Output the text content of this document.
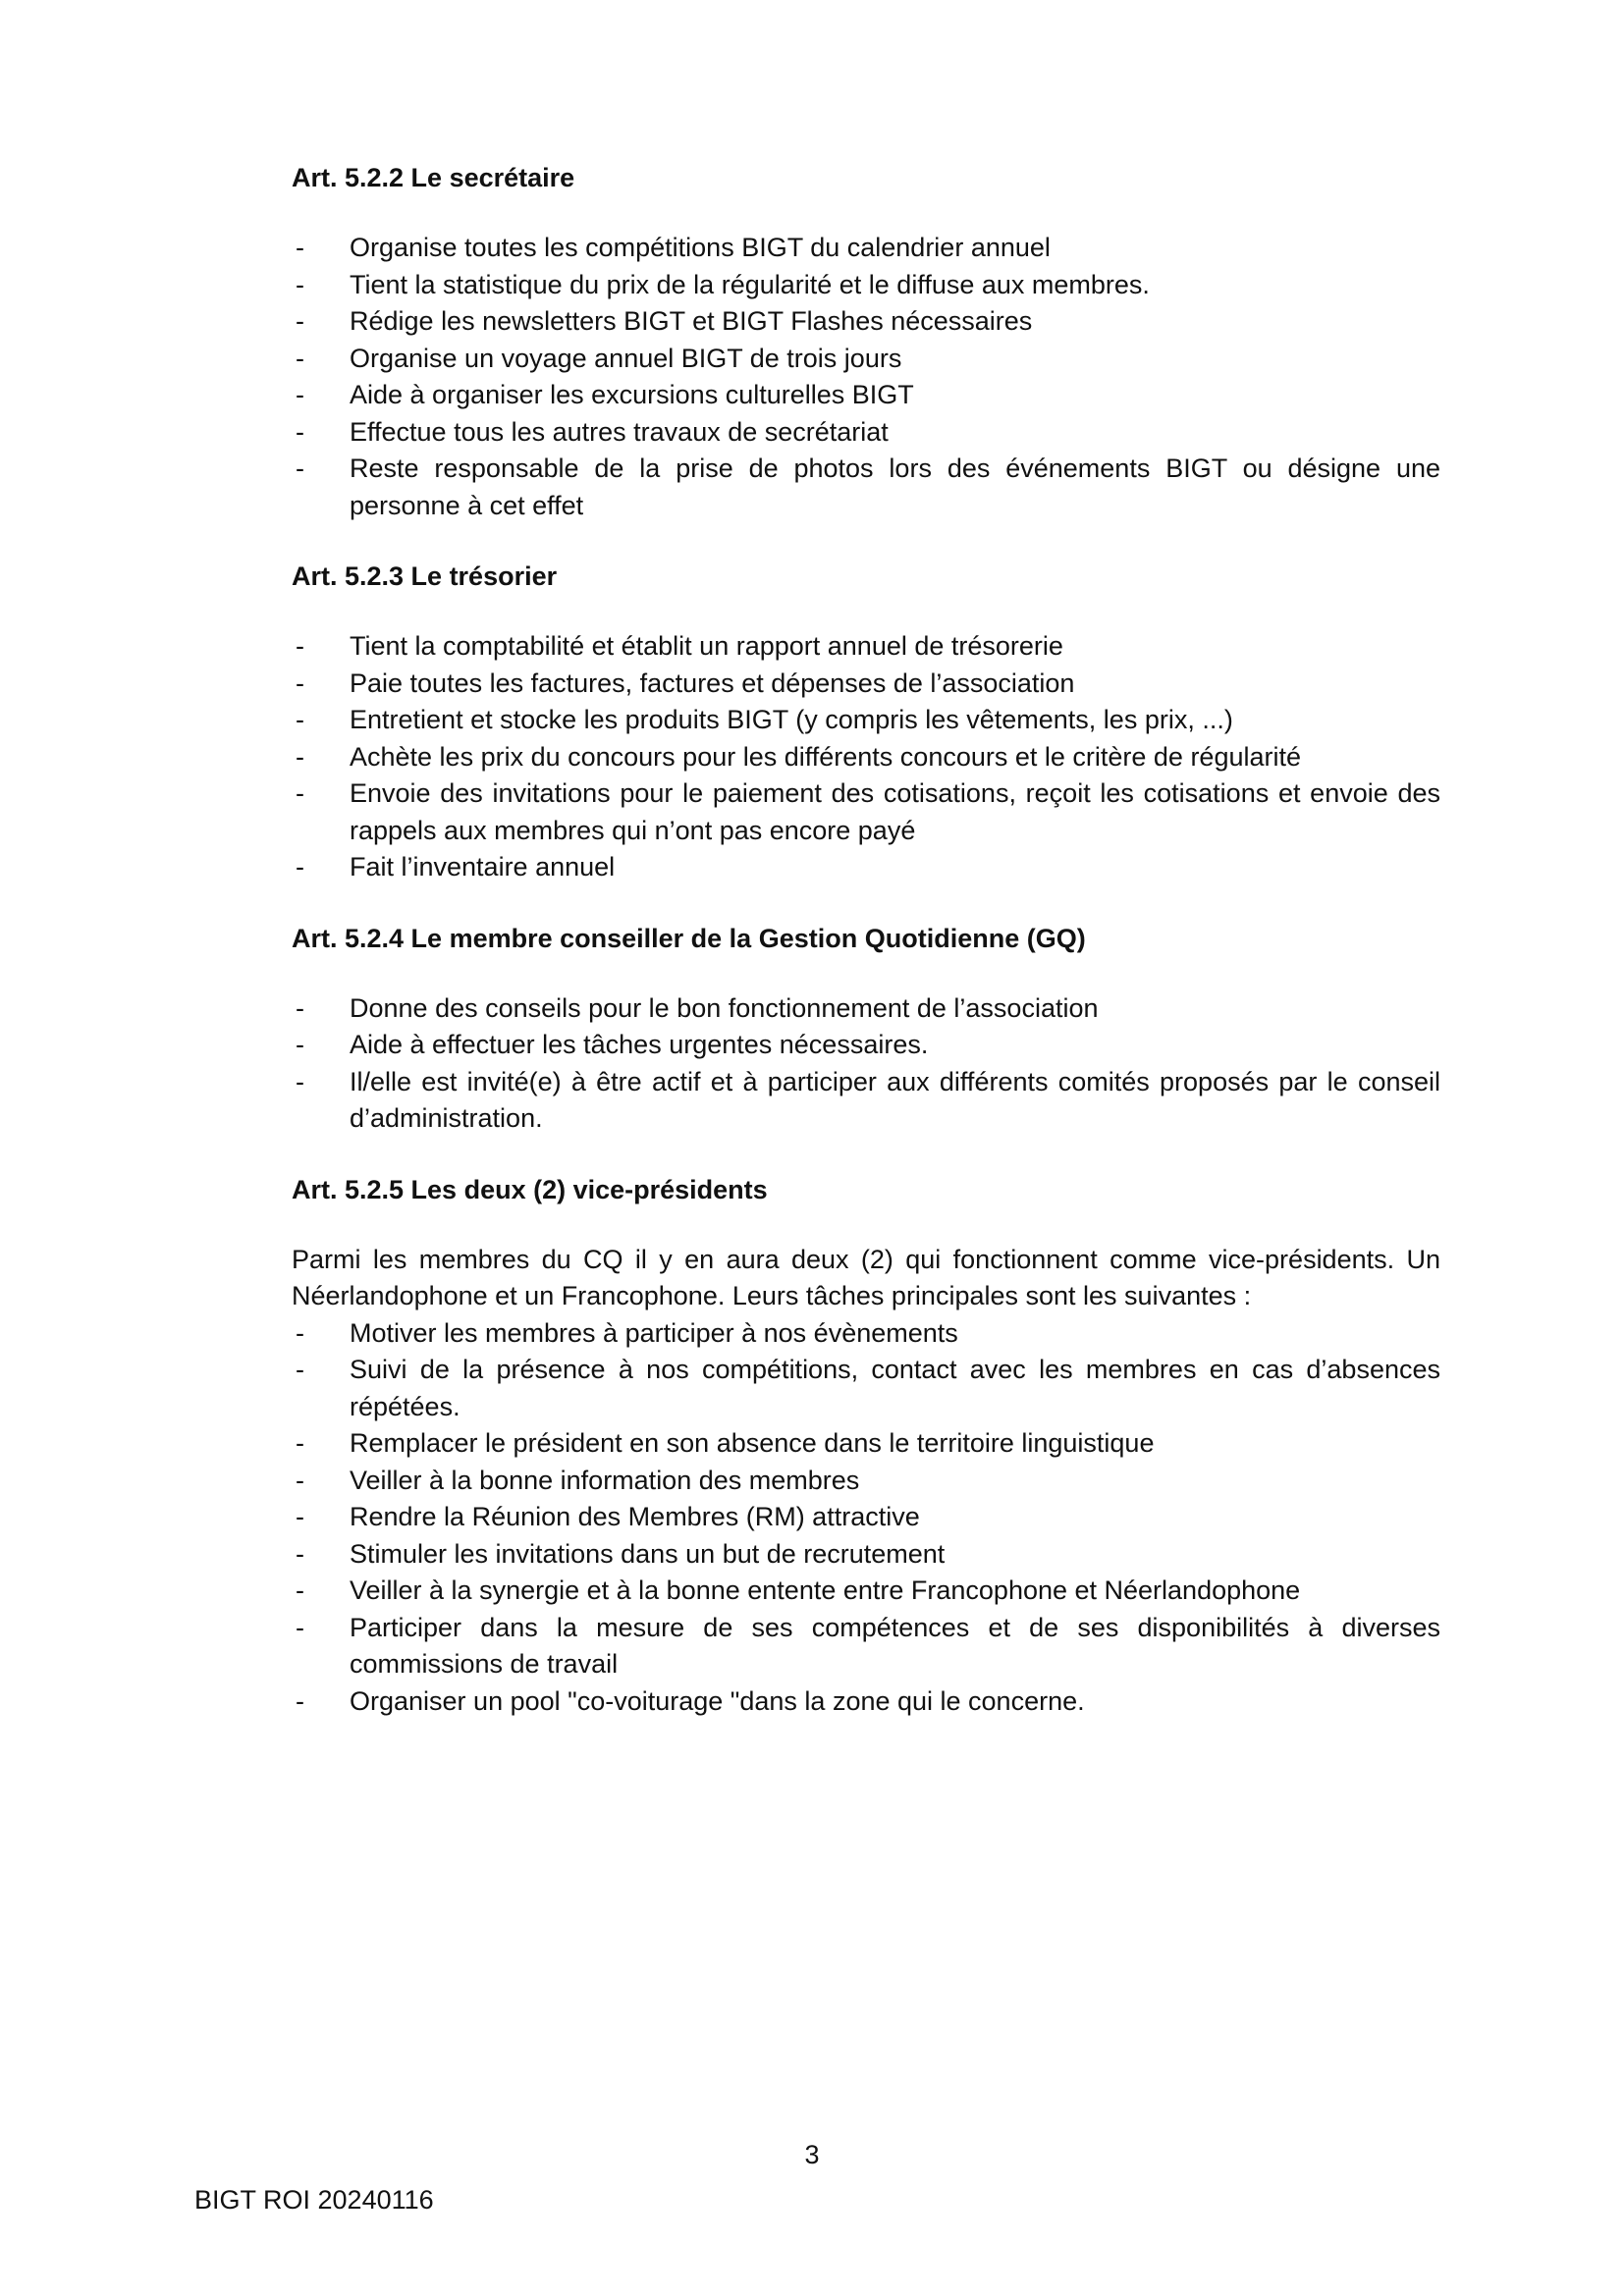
Art. 5.2.2 Le secrétaire

- Organise toutes les compétitions BIGT du calendrier annuel
- Tient la statistique du prix de la régularité et le diffuse aux membres.
- Rédige les newsletters BIGT et BIGT Flashes nécessaires
- Organise un voyage annuel BIGT de trois jours
- Aide à organiser les excursions culturelles BIGT
- Effectue tous les autres travaux de secrétariat
- Reste responsable de la prise de photos lors des événements BIGT ou désigne une personne à cet effet

Art. 5.2.3 Le trésorier

- Tient la comptabilité et établit un rapport annuel de trésorerie
- Paie toutes les factures, factures et dépenses de l’association
- Entretient et stocke les produits BIGT (y compris les vêtements, les prix, ...)
- Achète les prix du concours pour les différents concours et le critère de régularité
- Envoie des invitations pour le paiement des cotisations, reçoit les cotisations et envoie des rappels aux membres qui n’ont pas encore payé
- Fait l’inventaire annuel

Art. 5.2.4 Le membre conseiller de la Gestion Quotidienne (GQ)

- Donne des conseils pour le bon fonctionnement de l’association
- Aide à effectuer les tâches urgentes nécessaires.
- Il/elle est invité(e) à être actif et à participer aux différents comités proposés par le conseil d’administration.

Art. 5.2.5 Les deux (2) vice-présidents

Parmi les membres du CQ il y en aura deux (2) qui fonctionnent comme vice-présidents. Un Néerlandophone et un Francophone. Leurs tâches principales sont les suivantes :

- Motiver les membres à participer à nos évènements
- Suivi de la présence à nos compétitions, contact avec les membres en cas d’absences répétées.
- Remplacer le président en son absence dans le territoire linguistique
- Veiller à la bonne information des membres
- Rendre la Réunion des Membres (RM) attractive
- Stimuler les invitations dans un but de recrutement
- Veiller à la synergie et à la bonne entente entre Francophone et Néerlandophone
- Participer dans la mesure de ses compétences et de ses disponibilités à diverses commissions de travail
- Organiser un pool "co-voiturage "dans la zone qui le concerne.
3
BIGT ROI 20240116
